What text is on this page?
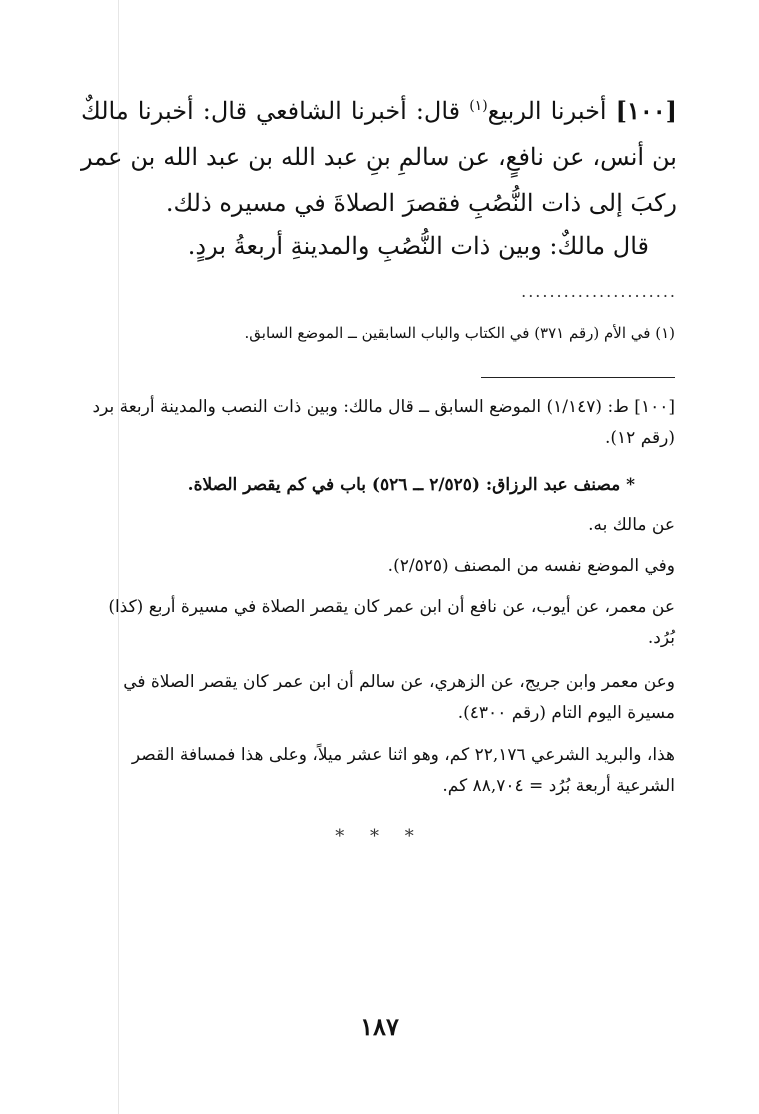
[١٠٠] أخبرنا الربيع$^{(١)}$ قال: أخبرنا الشافعي قال: أخبرنا مالكٌ بن أنس، عن نافعٍ، عن سالمِ بنِ عبد الله بن عبد الله بن عمر ركبَ إلى ذات النُّصُبِ فقصرَ الصلاةَ في مسيره ذلك.
قال مالكٌ: وبين ذات النُّصُبِ والمدينةِ أربعةُ بردٍ.
......................
(١) في الأم (رقم ٣٧١) في الكتاب والباب السابقين ــ الموضع السابق.

[١٠٠] ط: (١/١٤٧) الموضع السابق ــ قال مالك: وبين ذات النصب والمدينة أربعة برد (رقم ١٢).

* مصنف عبد الرزاق: (٢/٥٢٥ ــ ٥٢٦) باب في كم يقصر الصلاة.

عن مالك به.

وفي الموضع نفسه من المصنف (٢/٥٢٥).

عن معمر، عن أيوب، عن نافع أن ابن عمر كان يقصر الصلاة في مسيرة أربع (كذا) بُرُد.

وعن معمر وابن جريج، عن الزهري، عن سالم أن ابن عمر كان يقصر الصلاة في مسيرة اليوم التام (رقم ٤٣٠٠).

هذا، والبريد الشرعي ٢٢,١٧٦ كم، وهو اثنا عشر ميلاً، وعلى هذا فمسافة القصر الشرعية أربعة بُرُد = ٨٨,٧٠٤ كم.

* * *
١٨٧
